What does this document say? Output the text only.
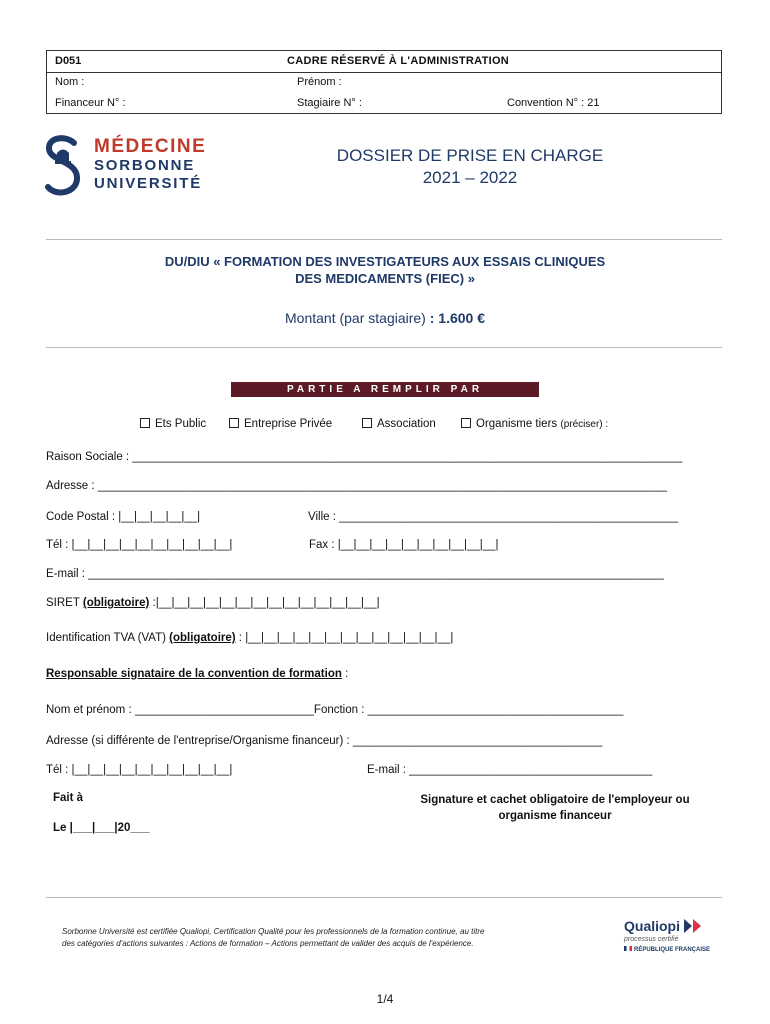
D051	CADRE RÉSERVÉ À L'ADMINISTRATION
Nom :	Prénom :
Financeur N° :	Stagiaire N° :	Convention N° : 21
MÉDECINE
SORBONNE
UNIVERSITÉ
DOSSIER DE PRISE EN CHARGE
2021 – 2022
DU/DIU « FORMATION DES INVESTIGATEURS AUX ESSAIS CLINIQUES
DES MEDICAMENTS (FIEC) »
Montant (par stagiaire) : 1.600 €
PARTIE A REMPLIR PAR L'EMPLOYEUR
Ets Public	Entreprise Privée	Association	Organisme tiers (préciser) :
Raison Sociale : ______________________________________________________________________________________
Adresse : _________________________________________________________________________________________
Code Postal : |__|__|__|__|__|	Ville : _____________________________________________________
Tél : |__|__|__|__|__|__|__|__|__|__|	Fax : |__|__|__|__|__|__|__|__|__|__|
E-mail : __________________________________________________________________________________________
SIRET (obligatoire) :|__|__|__|__|__|__|__|__|__|__|__|__|__|__|
Identification TVA (VAT) (obligatoire) : |__|__|__|__|__|__|__|__|__|__|__|__|__|
Responsable signataire de la convention de formation :
Nom et prénom : ____________________________Fonction : ________________________________________
Adresse (si différente de l'entreprise/Organisme financeur) : _______________________________________
Tél : |__|__|__|__|__|__|__|__|__|__|	E-mail : ______________________________________
Fait à
Le |___|___|20___
Signature et cachet obligatoire de l'employeur ou
organisme financeur
Sorbonne Université est certifiée Qualiopi, Certification Qualité pour les professionnels de la formation continue, au titre
des catégories d'actions suivantes : Actions de formation – Actions permettant de valider des acquis de l'expérience.
Qualiopi
processus certifié
RÉPUBLIQUE FRANÇAISE
1/4
